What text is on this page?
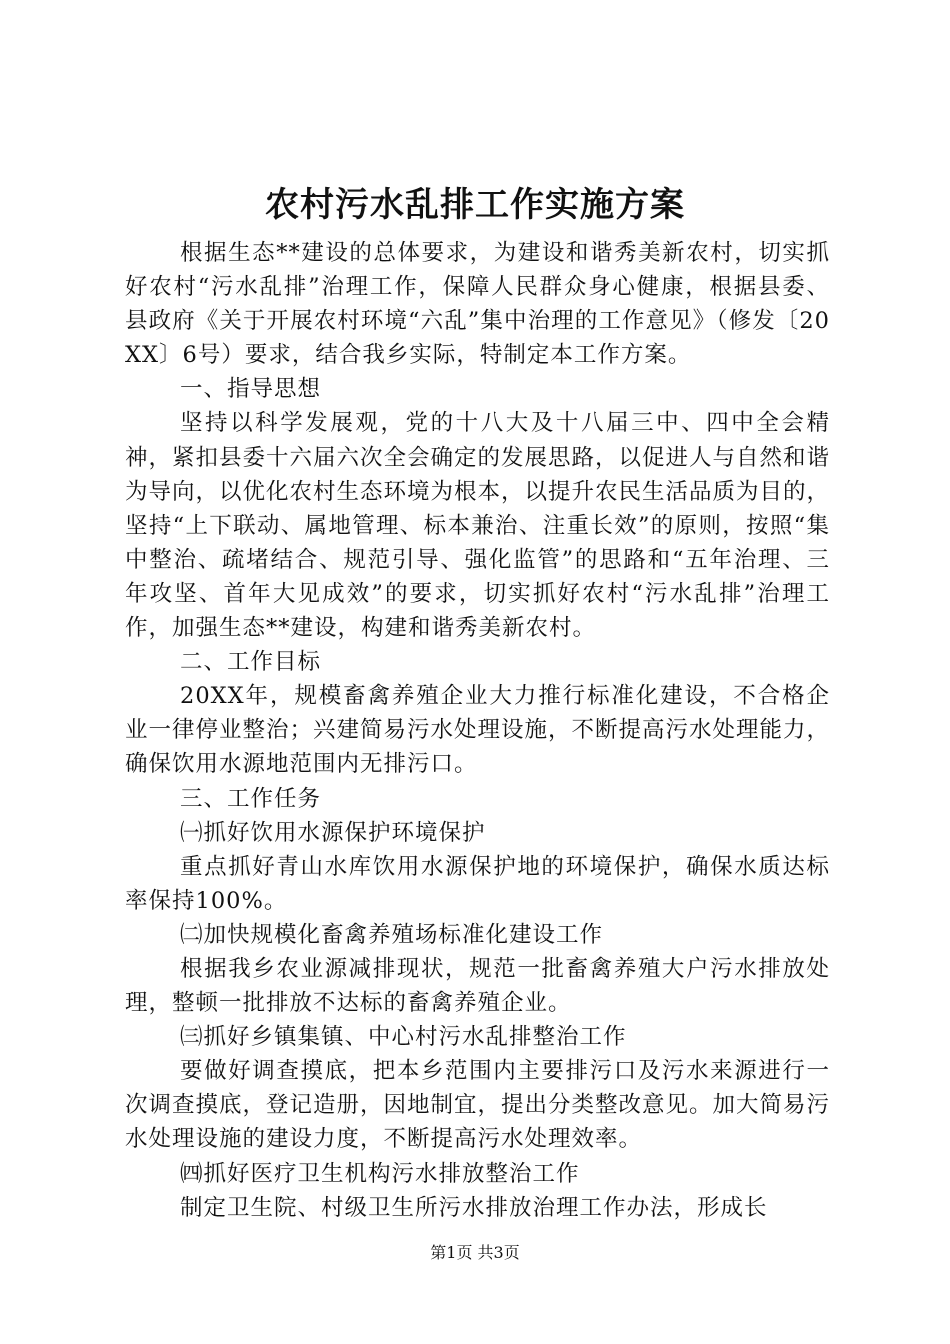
农村污水乱排工作实施方案

根据生态**建设的总体要求，为建设和谐秀美新农村，切实抓好农村“污水乱排”治理工作，保障人民群众身心健康，根据县委、县政府《关于开展农村环境“六乱”集中治理的工作意见》（修发〔20XX〕6号）要求，结合我乡实际，特制定本工作方案。

一、指导思想

坚持以科学发展观，党的十八大及十八届三中、四中全会精神，紧扣县委十六届六次全会确定的发展思路，以促进人与自然和谐为导向，以优化农村生态环境为根本，以提升农民生活品质为目的，坚持“上下联动、属地管理、标本兼治、注重长效”的原则，按照“集中整治、疏堵结合、规范引导、强化监管”的思路和“五年治理、三年攻坚、首年大见成效”的要求，切实抓好农村“污水乱排”治理工作，加强生态**建设，构建和谐秀美新农村。

二、工作目标

20XX年，规模畜禽养殖企业大力推行标准化建设，不合格企业一律停业整治；兴建简易污水处理设施，不断提高污水处理能力，确保饮用水源地范围内无排污口。

三、工作任务

㈠抓好饮用水源保护环境保护

重点抓好青山水库饮用水源保护地的环境保护，确保水质达标率保持100%。

㈡加快规模化畜禽养殖场标准化建设工作

根据我乡农业源减排现状，规范一批畜禽养殖大户污水排放处理，整顿一批排放不达标的畜禽养殖企业。

㈢抓好乡镇集镇、中心村污水乱排整治工作

要做好调查摸底，把本乡范围内主要排污口及污水来源进行一次调查摸底，登记造册，因地制宜，提出分类整改意见。加大简易污水处理设施的建设力度，不断提高污水处理效率。

㈣抓好医疗卫生机构污水排放整治工作

制定卫生院、村级卫生所污水排放治理工作办法，形成长

第1页 共3页
